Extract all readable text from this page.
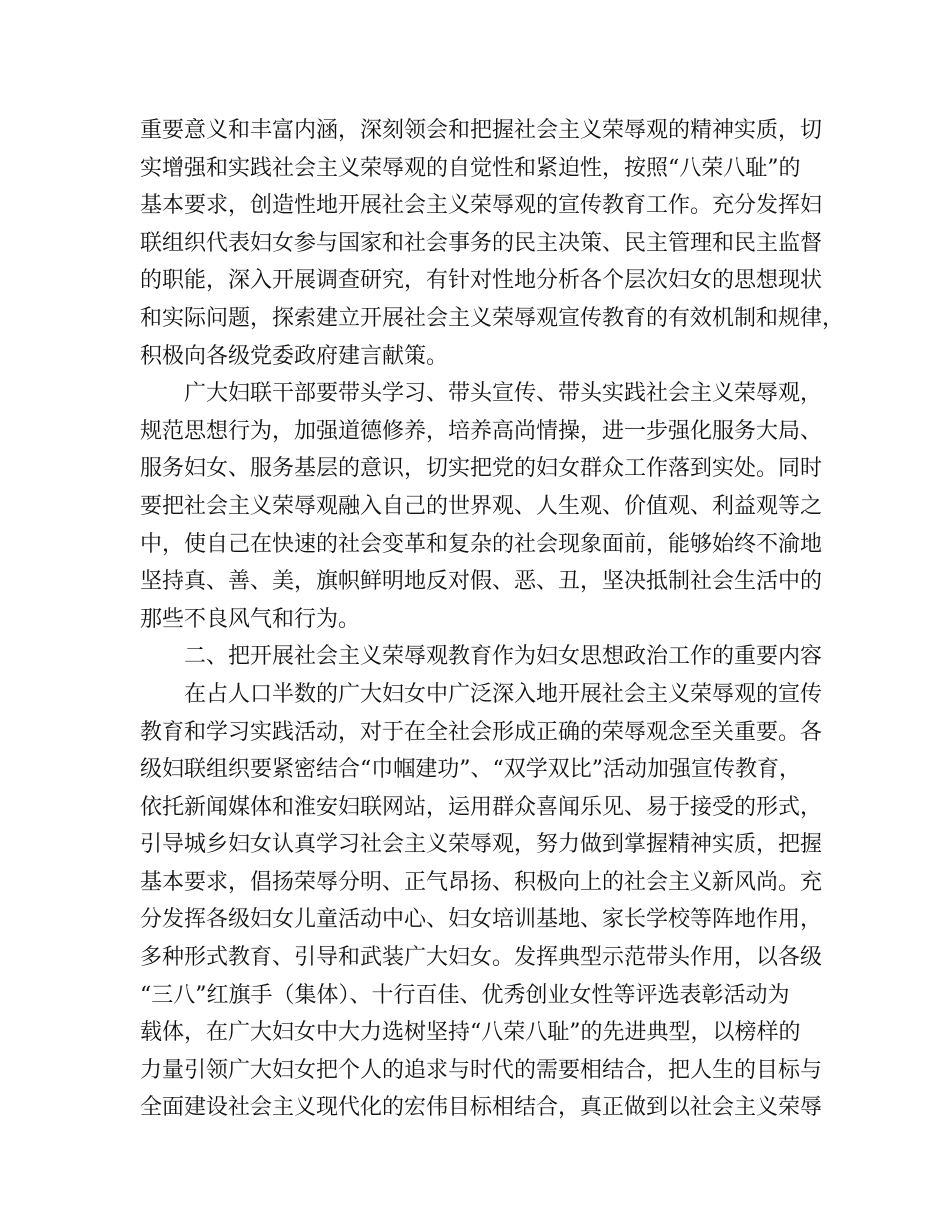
重要意义和丰富内涵，深刻领会和把握社会主义荣辱观的精神实质，切
实增强和实践社会主义荣辱观的自觉性和紧迫性，按照“八荣八耻”的
基本要求，创造性地开展社会主义荣辱观的宣传教育工作。充分发挥妇
联组织代表妇女参与国家和社会事务的民主决策、民主管理和民主监督
的职能，深入开展调查研究，有针对性地分析各个层次妇女的思想现状
和实际问题，探索建立开展社会主义荣辱观宣传教育的有效机制和规律，
积极向各级党委政府建言献策。
广大妇联干部要带头学习、带头宣传、带头实践社会主义荣辱观，
规范思想行为，加强道德修养，培养高尚情操，进一步强化服务大局、
服务妇女、服务基层的意识，切实把党的妇女群众工作落到实处。同时
要把社会主义荣辱观融入自己的世界观、人生观、价值观、利益观等之
中，使自己在快速的社会变革和复杂的社会现象面前，能够始终不渝地
坚持真、善、美，旗帜鲜明地反对假、恶、丑，坚决抵制社会生活中的
那些不良风气和行为。
二、把开展社会主义荣辱观教育作为妇女思想政治工作的重要内容
在占人口半数的广大妇女中广泛深入地开展社会主义荣辱观的宣传
教育和学习实践活动，对于在全社会形成正确的荣辱观念至关重要。各
级妇联组织要紧密结合“巾帼建功”、“双学双比”活动加强宣传教育，
依托新闻媒体和淮安妇联网站，运用群众喜闻乐见、易于接受的形式，
引导城乡妇女认真学习社会主义荣辱观，努力做到掌握精神实质，把握
基本要求，倡扬荣辱分明、正气昂扬、积极向上的社会主义新风尚。充
分发挥各级妇女儿童活动中心、妇女培训基地、家长学校等阵地作用，
多种形式教育、引导和武装广大妇女。发挥典型示范带头作用，以各级
“三八”红旗手（集体）、十行百佳、优秀创业女性等评选表彰活动为
载体，在广大妇女中大力选树坚持“八荣八耻”的先进典型，以榜样的
力量引领广大妇女把个人的追求与时代的需要相结合，把人生的目标与
全面建设社会主义现代化的宏伟目标相结合，真正做到以社会主义荣辱
